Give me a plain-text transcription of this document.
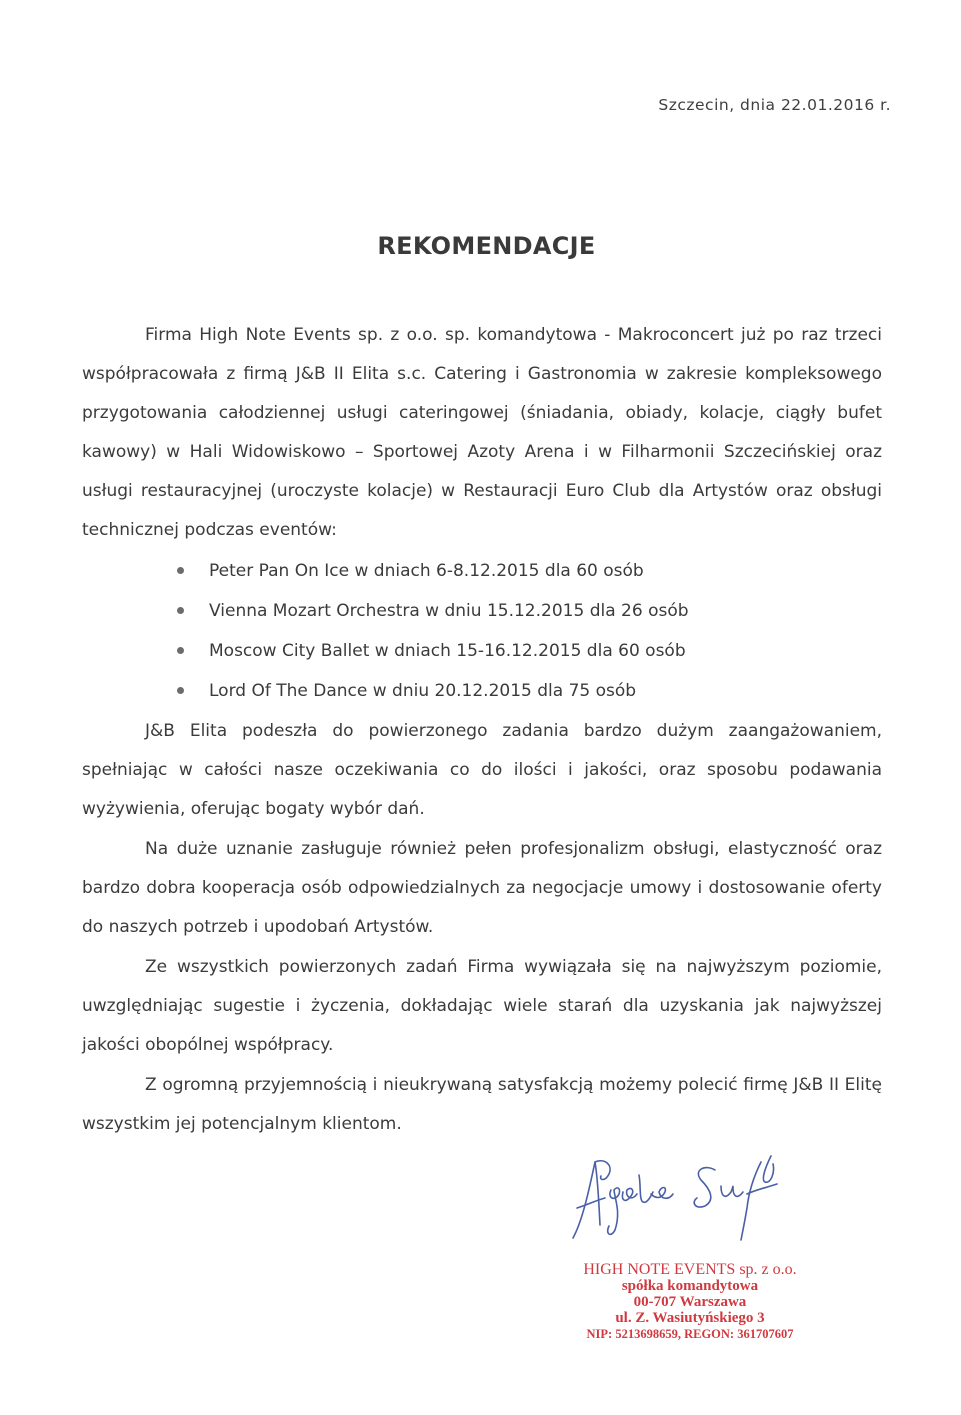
Szczecin, dnia 22.01.2016 r.
REKOMENDACJE
Firma High Note Events sp. z o.o. sp. komandytowa - Makroconcert już po raz trzeci współpracowała z firmą J&B II Elita s.c. Catering i Gastronomia w zakresie kompleksowego przygotowania całodziennej usługi cateringowej (śniadania, obiady, kolacje, ciągły bufet kawowy) w Hali Widowiskowo – Sportowej Azoty Arena i w Filharmonii Szczecińskiej oraz usługi restauracyjnej (uroczyste kolacje) w Restauracji Euro Club dla Artystów oraz obsługi technicznej podczas eventów:
Peter Pan On Ice w dniach 6-8.12.2015 dla 60 osób
Vienna Mozart Orchestra w dniu 15.12.2015 dla 26 osób
Moscow City Ballet w dniach 15-16.12.2015 dla 60 osób
Lord Of The Dance w dniu 20.12.2015 dla 75 osób
J&B Elita podeszła do powierzonego zadania bardzo dużym zaangażowaniem, spełniając w całości nasze oczekiwania co do ilości i jakości, oraz sposobu podawania wyżywienia, oferując bogaty wybór dań.
Na duże uznanie zasługuje również pełen profesjonalizm obsługi, elastyczność oraz bardzo dobra kooperacja osób odpowiedzialnych za negocjacje umowy i dostosowanie oferty do naszych potrzeb i upodobań Artystów.
Ze wszystkich powierzonych zadań Firma wywiązała się na najwyższym poziomie, uwzględniając sugestie i życzenia, dokładając wiele starań dla uzyskania jak najwyższej jakości obopólnej współpracy.
Z ogromną przyjemnością i nieukrywaną satysfakcją możemy polecić firmę J&B II Elitę wszystkim jej potencjalnym klientom.
HIGH NOTE EVENTS sp. z o.o.
spółka komandytowa
00-707 Warszawa
ul. Z. Wasiutyńskiego 3
NIP: 5213698659, REGON: 361707607
